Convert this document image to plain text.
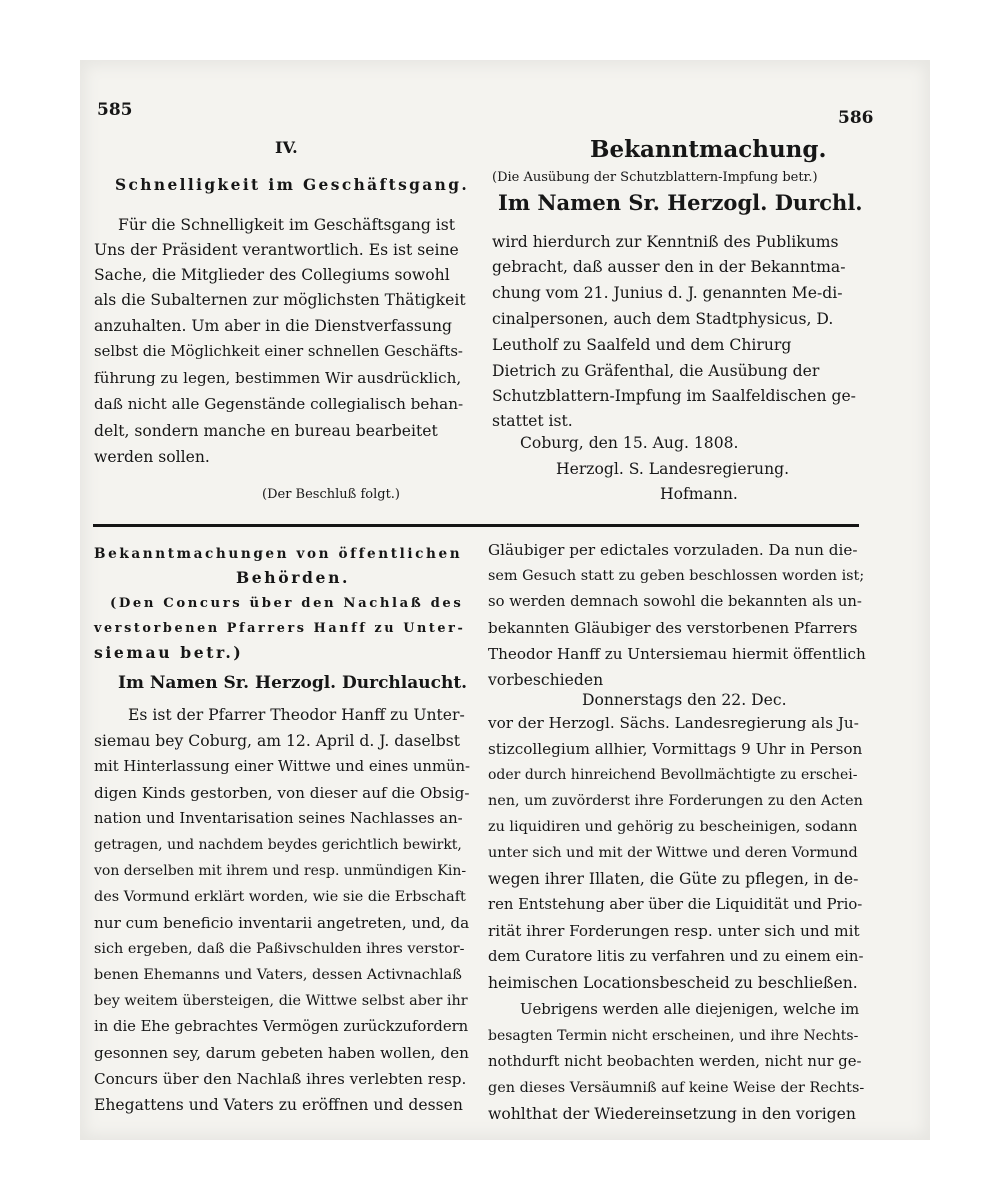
585	586
IV.
Schnelligkeit im Geschäftsgang.
Für die Schnelligkeit im Geschäftsgang ist
Uns der Präsident verantwortlich. Es ist seine
Sache, die Mitglieder des Collegiums sowohl
als die Subalternen zur möglichsten Thätigkeit
anzuhalten. Um aber in die Dienstverfassung
selbst die Möglichkeit einer schnellen Geschäfts-
führung zu legen, bestimmen Wir ausdrücklich,
daß nicht alle Gegenstände collegialisch behan-
delt, sondern manche en bureau bearbeitet
werden sollen.
(Der Beschluß folgt.)
Bekanntmachung.
(Die Ausübung der Schutzblattern-Impfung betr.)
Im Namen Sr. Herzogl. Durchl.
wird hierdurch zur Kenntniß des Publikums
gebracht, daß ausser den in der Bekanntma-
chung vom 21. Junius d. J. genannten Me-di-
cinalpersonen, auch dem Stadtphysicus, D.
Leutholf zu Saalfeld und dem Chirurg
Dietrich zu Gräfenthal, die Ausübung der
Schutzblattern-Impfung im Saalfeldischen ge-
stattet ist.
Coburg, den 15. Aug. 1808.
Herzogl. S. Landesregierung.
Hofmann.
Bekanntmachungen von öffentlichen
Behörden.
(Den Concurs über den Nachlaß des
verstorbenen Pfarrers Hanff zu Unter-
siemau betr.)
Im Namen Sr. Herzogl. Durchlaucht.
Es ist der Pfarrer Theodor Hanff zu Unter-
siemau bey Coburg, am 12. April d. J. daselbst
mit Hinterlassung einer Wittwe und eines unmün-
digen Kinds gestorben, von dieser auf die Obsig-
nation und Inventarisation seines Nachlasses an-
getragen, und nachdem beydes gerichtlich bewirkt,
von derselben mit ihrem und resp. unmündigen Kin-
des Vormund erklärt worden, wie sie die Erbschaft
nur cum beneficio inventarii angetreten, und, da
sich ergeben, daß die Paßivschulden ihres verstor-
benen Ehemanns und Vaters, dessen Activnachlaß
bey weitem übersteigen, die Wittwe selbst aber ihr
in die Ehe gebrachtes Vermögen zurückzufordern
gesonnen sey, darum gebeten haben wollen, den
Concurs über den Nachlaß ihres verlebten resp.
Ehegattens und Vaters zu eröffnen und dessen
Gläubiger per edictales vorzuladen. Da nun die-
sem Gesuch statt zu geben beschlossen worden ist;
so werden demnach sowohl die bekannten als un-
bekannten Gläubiger des verstorbenen Pfarrers
Theodor Hanff zu Untersiemau hiermit öffentlich
vorbeschieden
Donnerstags den 22. Dec.
vor der Herzogl. Sächs. Landesregierung als Ju-
stizcollegium allhier, Vormittags 9 Uhr in Person
oder durch hinreichend Bevollmächtigte zu erschei-
nen, um zuvörderst ihre Forderungen zu den Acten
zu liquidiren und gehörig zu bescheinigen, sodann
unter sich und mit der Wittwe und deren Vormund
wegen ihrer Illaten, die Güte zu pflegen, in de-
ren Entstehung aber über die Liquidität und Prio-
rität ihrer Forderungen resp. unter sich und mit
dem Curatore litis zu verfahren und zu einem ein-
heimischen Locationsbescheid zu beschließen.
Uebrigens werden alle diejenigen, welche im
besagten Termin nicht erscheinen, und ihre Nechts-
nothdurft nicht beobachten werden, nicht nur ge-
gen dieses Versäumniß auf keine Weise der Rechts-
wohlthat der Wiedereinsetzung in den vorigen
